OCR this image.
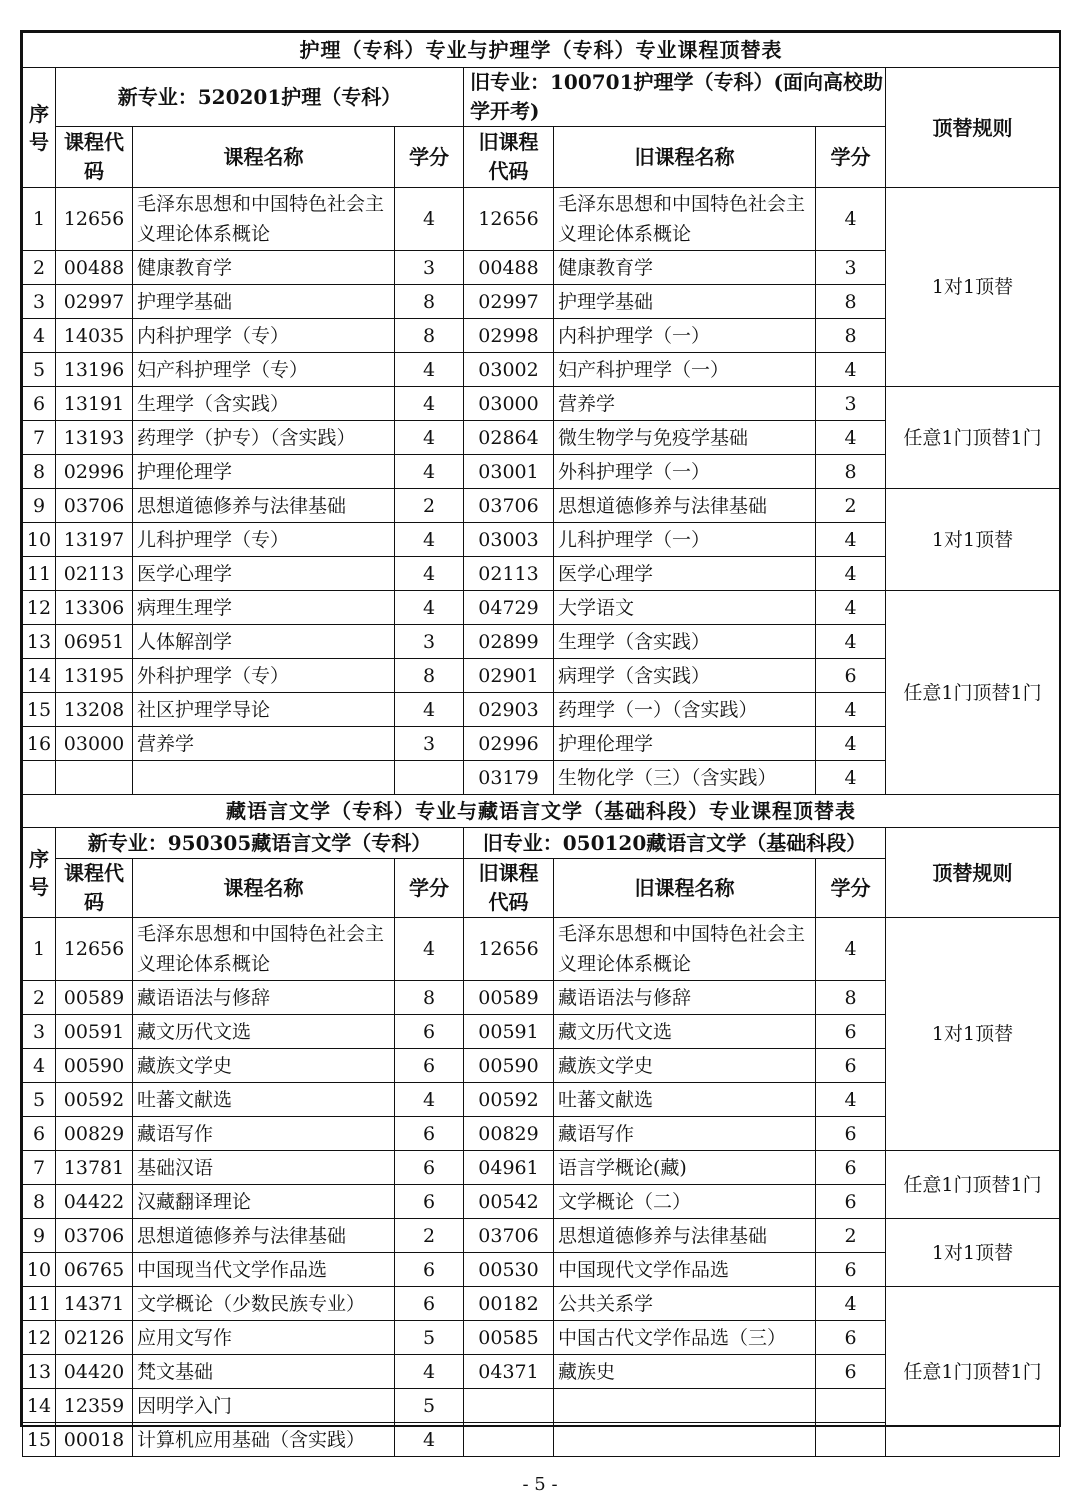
护理（专科）专业与护理学（专科）专业课程顶替表							

序号	新专业：520201护理（专科）			旧专业：100701护理学（专科）(面向高校助学开考)			顶替规则

	课程代码	课程名称	学分	旧课程代码	旧课程名称	学分	

1	12656	毛泽东思想和中国特色社会主义理论体系概论	4	12656	毛泽东思想和中国特色社会主义理论体系概论	4	1对1顶替
2	00488	健康教育学	3	00488	健康教育学	3	
3	02997	护理学基础	8	02997	护理学基础	8	
4	14035	内科护理学（专）	8	02998	内科护理学（一）	8	
5	13196	妇产科护理学（专）	4	03002	妇产科护理学（一）	4	
6	13191	生理学（含实践）	4	03000	营养学	3	任意1门顶替1门
7	13193	药理学（护专）（含实践）	4	02864	微生物学与免疫学基础	4	
8	02996	护理伦理学	4	03001	外科护理学（一）	8	
9	03706	思想道德修养与法律基础	2	03706	思想道德修养与法律基础	2	1对1顶替
10	13197	儿科护理学（专）	4	03003	儿科护理学（一）	4	
11	02113	医学心理学	4	02113	医学心理学	4	
12	13306	病理生理学	4	04729	大学语文	4	任意1门顶替1门
13	06951	人体解剖学	3	02899	生理学（含实践）	4	
14	13195	外科护理学（专）	8	02901	病理学（含实践）	6	
15	13208	社区护理学导论	4	02903	药理学（一）（含实践）	4	
16	03000	营养学	3	02996	护理伦理学	4	
				03179	生物化学（三）（含实践）	4	
藏语言文学（专科）专业与藏语言文学（基础科段）专业课程顶替表							

序号	新专业：950305藏语言文学（专科）			旧专业：050120藏语言文学（基础科段）			顶替规则

	课程代码	课程名称	学分	旧课程代码	旧课程名称	学分	

1	12656	毛泽东思想和中国特色社会主义理论体系概论	4	12656	毛泽东思想和中国特色社会主义理论体系概论	4	1对1顶替
2	00589	藏语语法与修辞	8	00589	藏语语法与修辞	8	
3	00591	藏文历代文选	6	00591	藏文历代文选	6	
4	00590	藏族文学史	6	00590	藏族文学史	6	
5	00592	吐蕃文献选	4	00592	吐蕃文献选	4	
6	00829	藏语写作	6	00829	藏语写作	6	
7	13781	基础汉语	6	04961	语言学概论(藏)	6	任意1门顶替1门
8	04422	汉藏翻译理论	6	00542	文学概论（二）	6	
9	03706	思想道德修养与法律基础	2	03706	思想道德修养与法律基础	2	1对1顶替
10	06765	中国现当代文学作品选	6	00530	中国现代文学作品选	6	
11	14371	文学概论（少数民族专业）	6	00182	公共关系学	4	任意1门顶替1门
12	02126	应用文写作	5	00585	中国古代文学作品选（三）	6	
13	04420	梵文基础	4	04371	藏族史	6	
14	12359	因明学入门	5				
15	00018	计算机应用基础（含实践）	4				
- 5 -
